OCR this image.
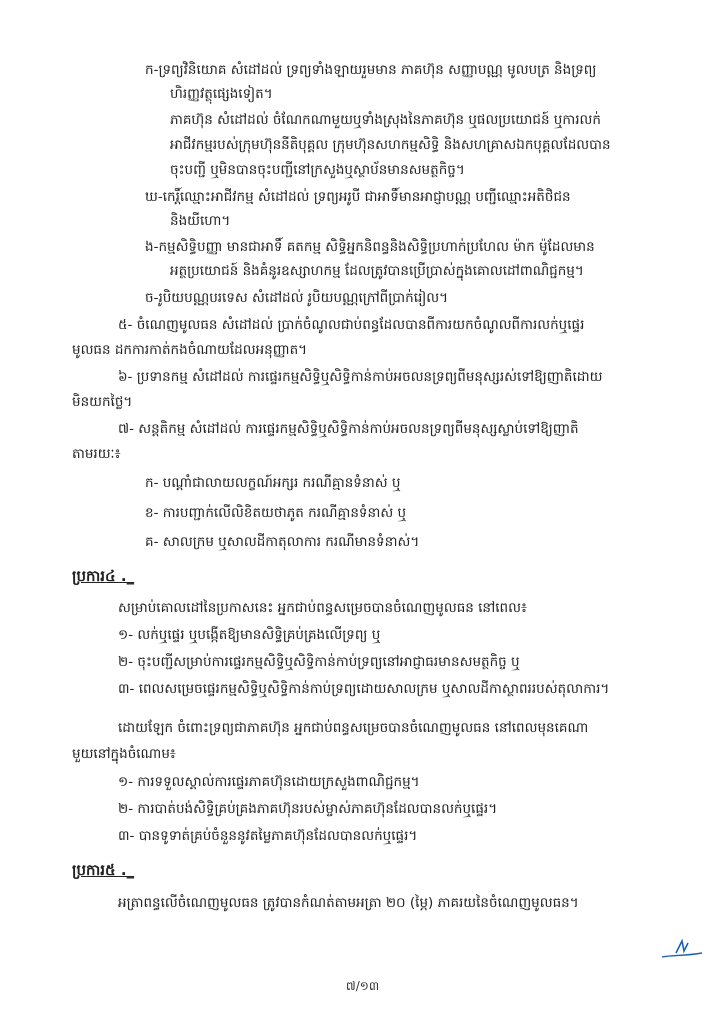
ក-ទ្រព្យវិនិយោគ សំដៅដល់ ទ្រព្យទាំងឡាយរួមមាន ភាគហ៊ុន សញ្ញាបណ្ណ មូលបត្រ និងទ្រព្យ
ហិរញ្ញវត្ថុផ្សេងទៀត។
ភាគហ៊ុន សំដៅដល់ ចំណែកណាមួយឬទាំងស្រុងនៃភាគហ៊ុន ឬផលប្រយោជន៍ ឬការលក់
អាជីវកម្មរបស់ក្រុមហ៊ុននីតិបុគ្គល ក្រុមហ៊ុនសហកម្មសិទ្ធិ និងសហគ្រាសឯកបុគ្គលដែលបាន
ចុះបញ្ជី ឬមិនបានចុះបញ្ជីនៅក្រសួងឬស្ថាប័នមានសមត្ថកិច្ច។
ឃ-កេរ្តិ៍ឈ្មោះអាជីវកម្ម សំដៅដល់ ទ្រព្យអរូបី ជាអាទិ៍មានអាជ្ញាបណ្ណ បញ្ជីឈ្មោះអតិថិជន
និងយីហោ។
ង-កម្មសិទ្ធិបញ្ញា មានជាអាទិ៍ គតកម្ម សិទ្ធិអ្នកនិពន្ធនិងសិទ្ធិប្រហាក់ប្រហែល ម៉ាក ម៉ូដែលមាន
អត្ថប្រយោជន៍ និងគំនូរឧស្សាហកម្ម ដែលត្រូវបានប្រើប្រាស់ក្នុងគោលដៅពាណិជ្ជកម្ម។
ច-រូបិយបណ្ណបរទេស សំដៅដល់ រូបិយបណ្ណក្រៅពីប្រាក់រៀល។
៥- ចំណេញមូលធន សំដៅដល់ ប្រាក់ចំណូលជាប់ពន្ធដែលបានពីការយកចំណូលពីការលក់ឬផ្ទេរ
មូលធន ដកការកាត់កងចំណាយដែលអនុញ្ញាត។
៦- ប្រទានកម្ម សំដៅដល់ ការផ្ទេរកម្មសិទ្ធិឬសិទ្ធិកាន់កាប់អចលនទ្រព្យពីមនុស្សរស់ទៅឱ្យញាតិដោយ
មិនយកថ្លៃ។
៧- សន្តតិកម្ម សំដៅដល់ ការផ្ទេរកម្មសិទ្ធិឬសិទ្ធិកាន់កាប់អចលនទ្រព្យពីមនុស្សស្លាប់ទៅឱ្យញាតិ
តាមរយៈ៖
ក- បណ្តាំជាលាយលក្ខណ៍អក្សរ ករណីគ្មានទំនាស់ ឬ
ខ- ការបញ្ជាក់លើលិខិតយថាភូត ករណីគ្មានទំនាស់ ឬ
គ- សាលក្រម ឬសាលដីកាតុលាការ ករណីមានទំនាស់។
ប្រការ៤ ._
សម្រាប់គោលដៅនៃប្រកាសនេះ អ្នកជាប់ពន្ធសម្រេចបានចំណេញមូលធន នៅពេល៖
១- លក់ឬផ្ទេរ ឬបង្កើតឱ្យមានសិទ្ធិគ្រប់គ្រងលើទ្រព្យ ឬ
២- ចុះបញ្ជីសម្រាប់ការផ្ទេរកម្មសិទ្ធិឬសិទ្ធិកាន់កាប់ទ្រព្យនៅអាជ្ញាធរមានសមត្ថកិច្ច ឬ
៣- ពេលសម្រេចផ្ទេរកម្មសិទ្ធិឬសិទ្ធិកាន់កាប់ទ្រព្យដោយសាលក្រម ឬសាលដីកាស្ថាពររបស់តុលាការ។
ដោយឡែក ចំពោះទ្រព្យជាភាគហ៊ុន អ្នកជាប់ពន្ធសម្រេចបានចំណេញមូលធន នៅពេលមុនគេណា
មួយនៅក្នុងចំណោម៖
១- ការទទួលស្គាល់ការផ្ទេរភាគហ៊ុនដោយក្រសួងពាណិជ្ជកម្ម។
២- ការបាត់បង់សិទ្ធិគ្រប់គ្រងភាគហ៊ុនរបស់ម្ចាស់ភាគហ៊ុនដែលបានលក់ឬផ្ទេរ។
៣- បានទូទាត់គ្រប់ចំនួននូវតម្លៃភាគហ៊ុនដែលបានលក់ឬផ្ទេរ។
ប្រការ៥ ._
អត្រាពន្ធលើចំណេញមូលធន ត្រូវបានកំណត់តាមអត្រា ២០ (ម្ភៃ) ភាគរយនៃចំណេញមូលធន។
៧/១៣
